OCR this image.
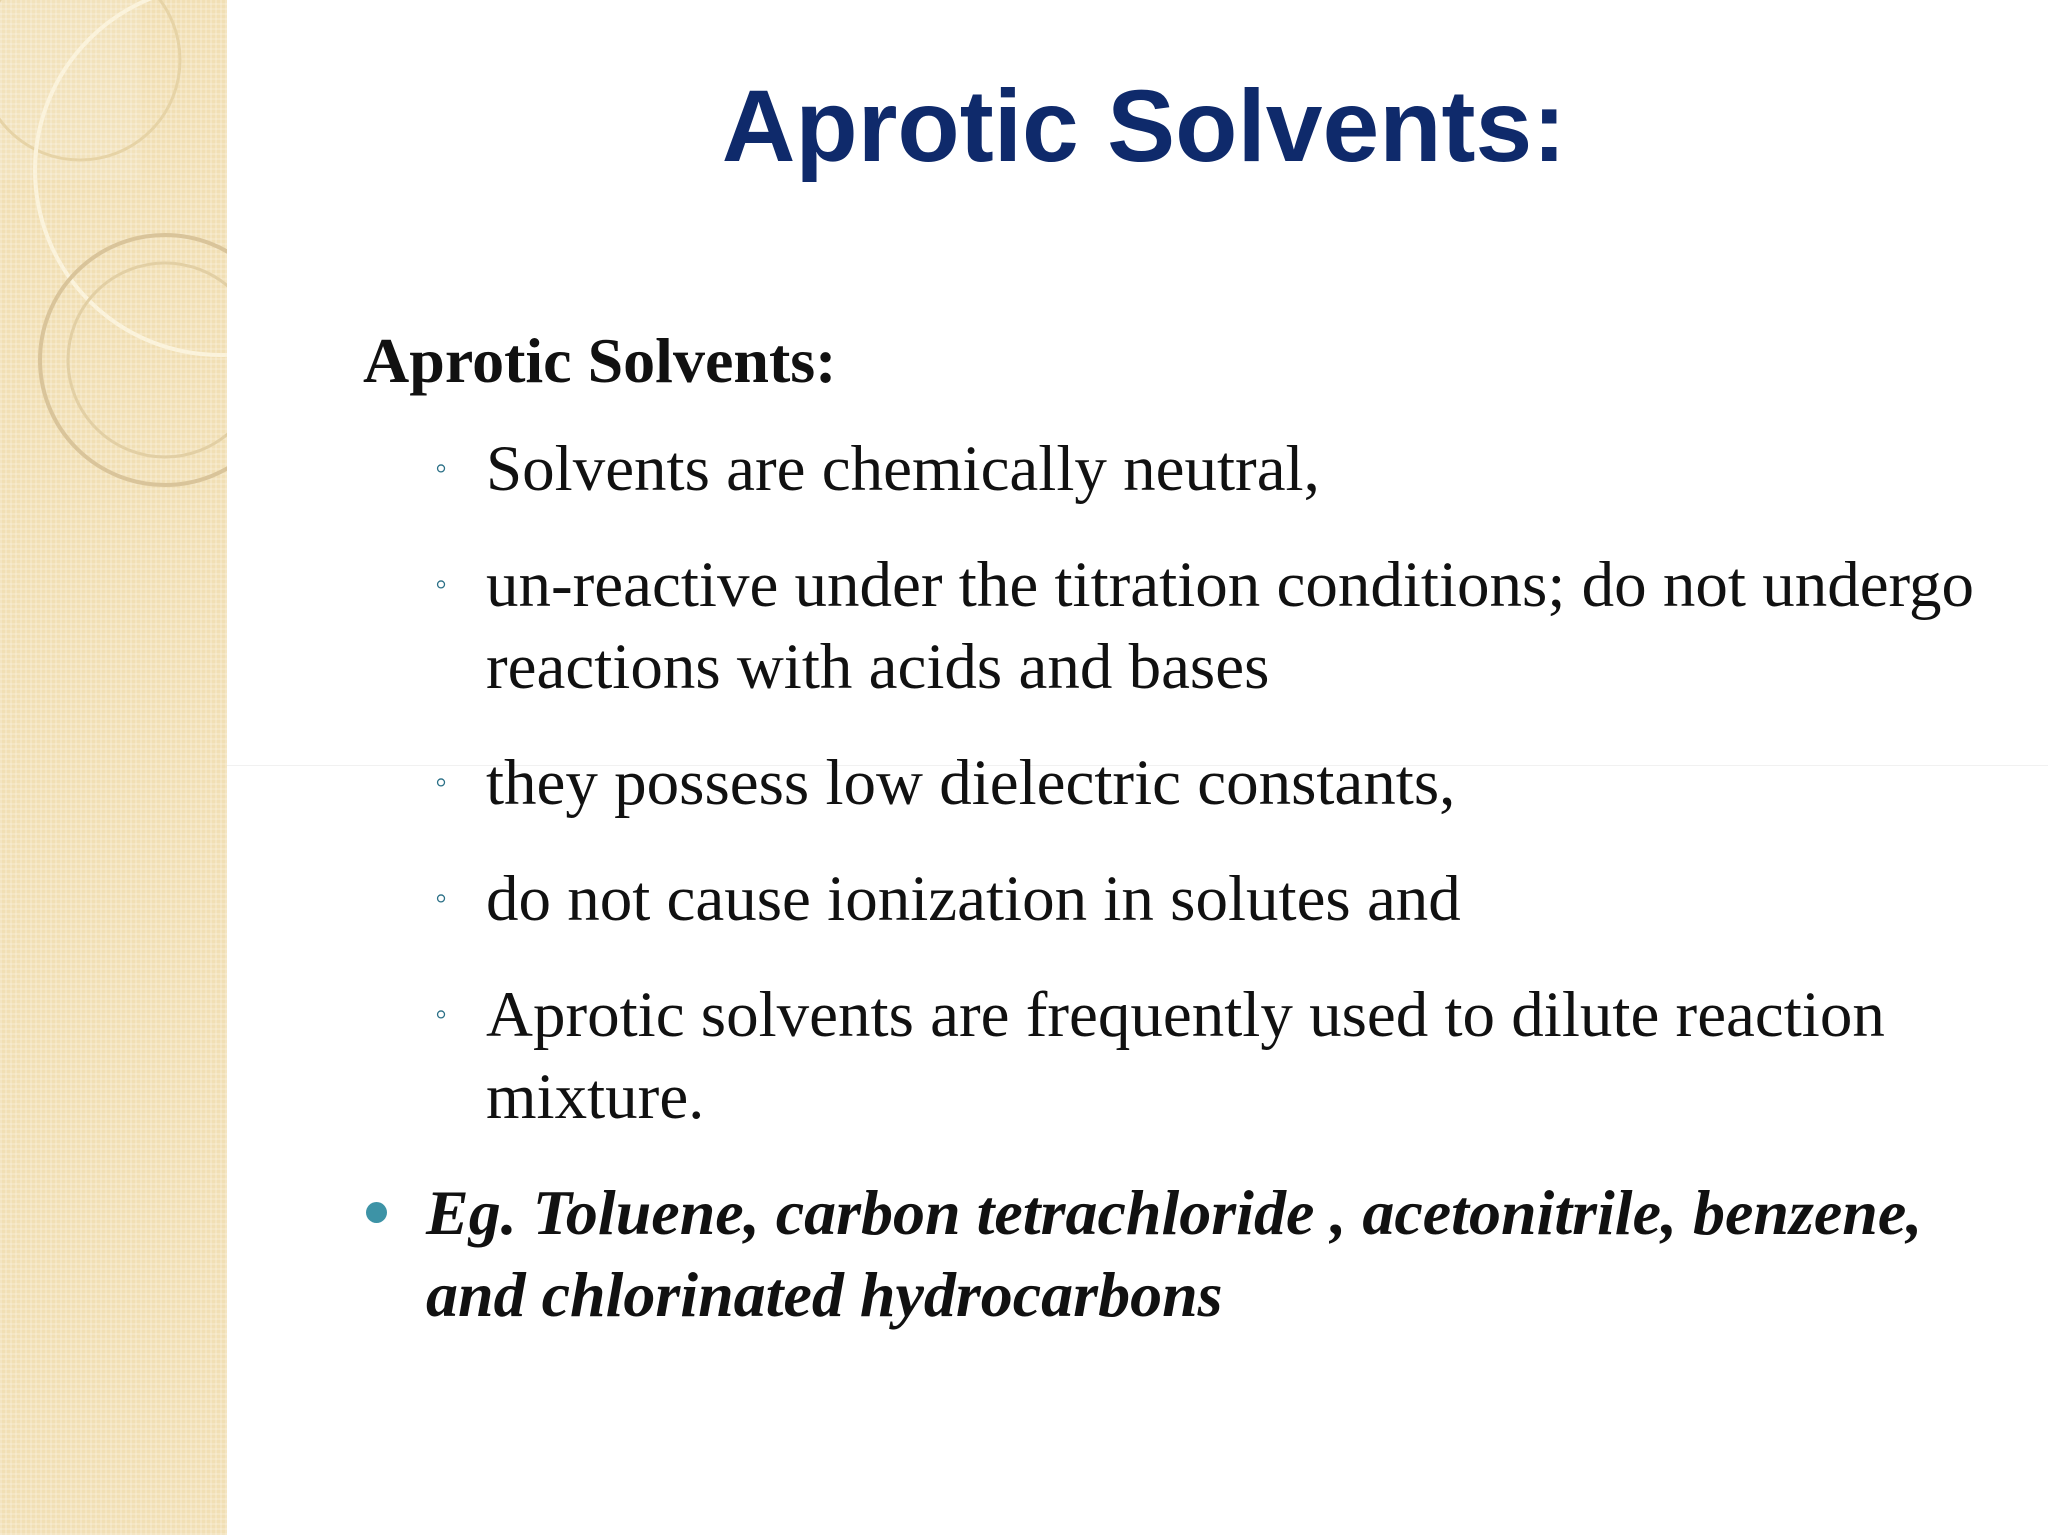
Aprotic Solvents:
Aprotic Solvents:
◦ Solvents are chemically neutral,
◦ un-reactive under the titration conditions; do not undergo reactions with acids and bases
◦ they possess low dielectric constants,
◦ do not cause ionization in solutes and
◦ Aprotic solvents are frequently used to dilute reaction mixture.
Eg. Toluene, carbon tetrachloride , acetonitrile, benzene, and chlorinated hydrocarbons
